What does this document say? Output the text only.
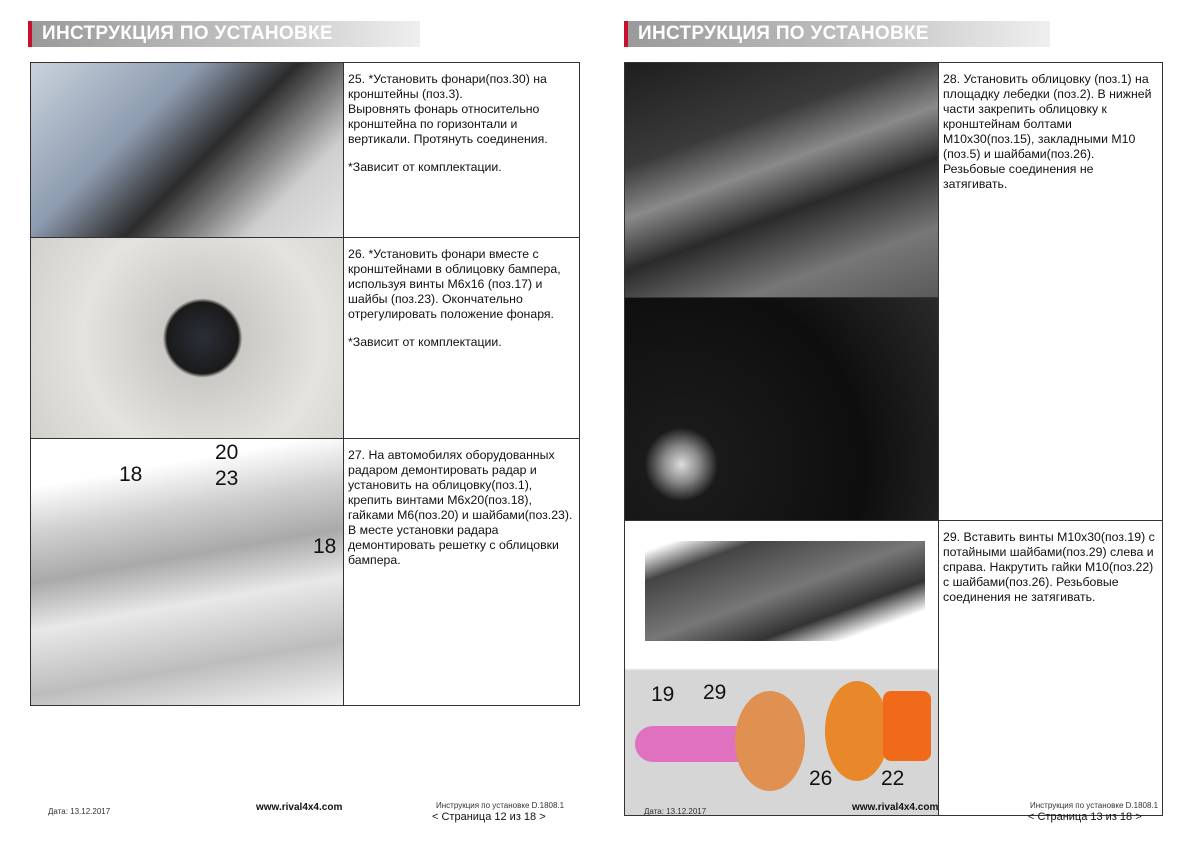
ИНСТРУКЦИЯ ПО УСТАНОВКЕ

25. *Установить фонари(поз.30) на кронштейны (поз.3).
Выровнять фонарь относительно кронштейна по горизонтали и вертикали. Протянуть соединения.

*Зависит от комплектации.

26. *Установить фонари вместе с кронштейнами в облицовку бампера, используя винты М6х16 (поз.17) и шайбы (поз.23). Окончательно отрегулировать положение фонаря.

*Зависит от комплектации.

20
23
18
18

27. На автомобилях оборудованных радаром демонтировать радар и установить на облицовку(поз.1), крепить винтами М6х20(поз.18), гайками М6(поз.20) и шайбами(поз.23).
В месте установки радара демонтировать решетку с облицовки бампера.

Дата: 13.12.2017	www.rival4x4.com	Инструкция по установке D.1808.1
< Страница 12 из 18 >
ИНСТРУКЦИЯ ПО УСТАНОВКЕ

28. Установить облицовку (поз.1) на площадку лебедки (поз.2). В нижней части закрепить облицовку к кронштейнам болтами М10х30(поз.15), закладными М10 (поз.5) и шайбами(поз.26). Резьбовые соединения не затягивать.

19 29
26 22

29. Вставить винты М10х30(поз.19) с потайными шайбами(поз.29) слева и справа. Накрутить гайки М10(поз.22) с шайбами(поз.26). Резьбовые соединения не затягивать.

Дата: 13.12.2017	www.rival4x4.com	Инструкция по установке D.1808.1
< Страница 13 из 18 >
